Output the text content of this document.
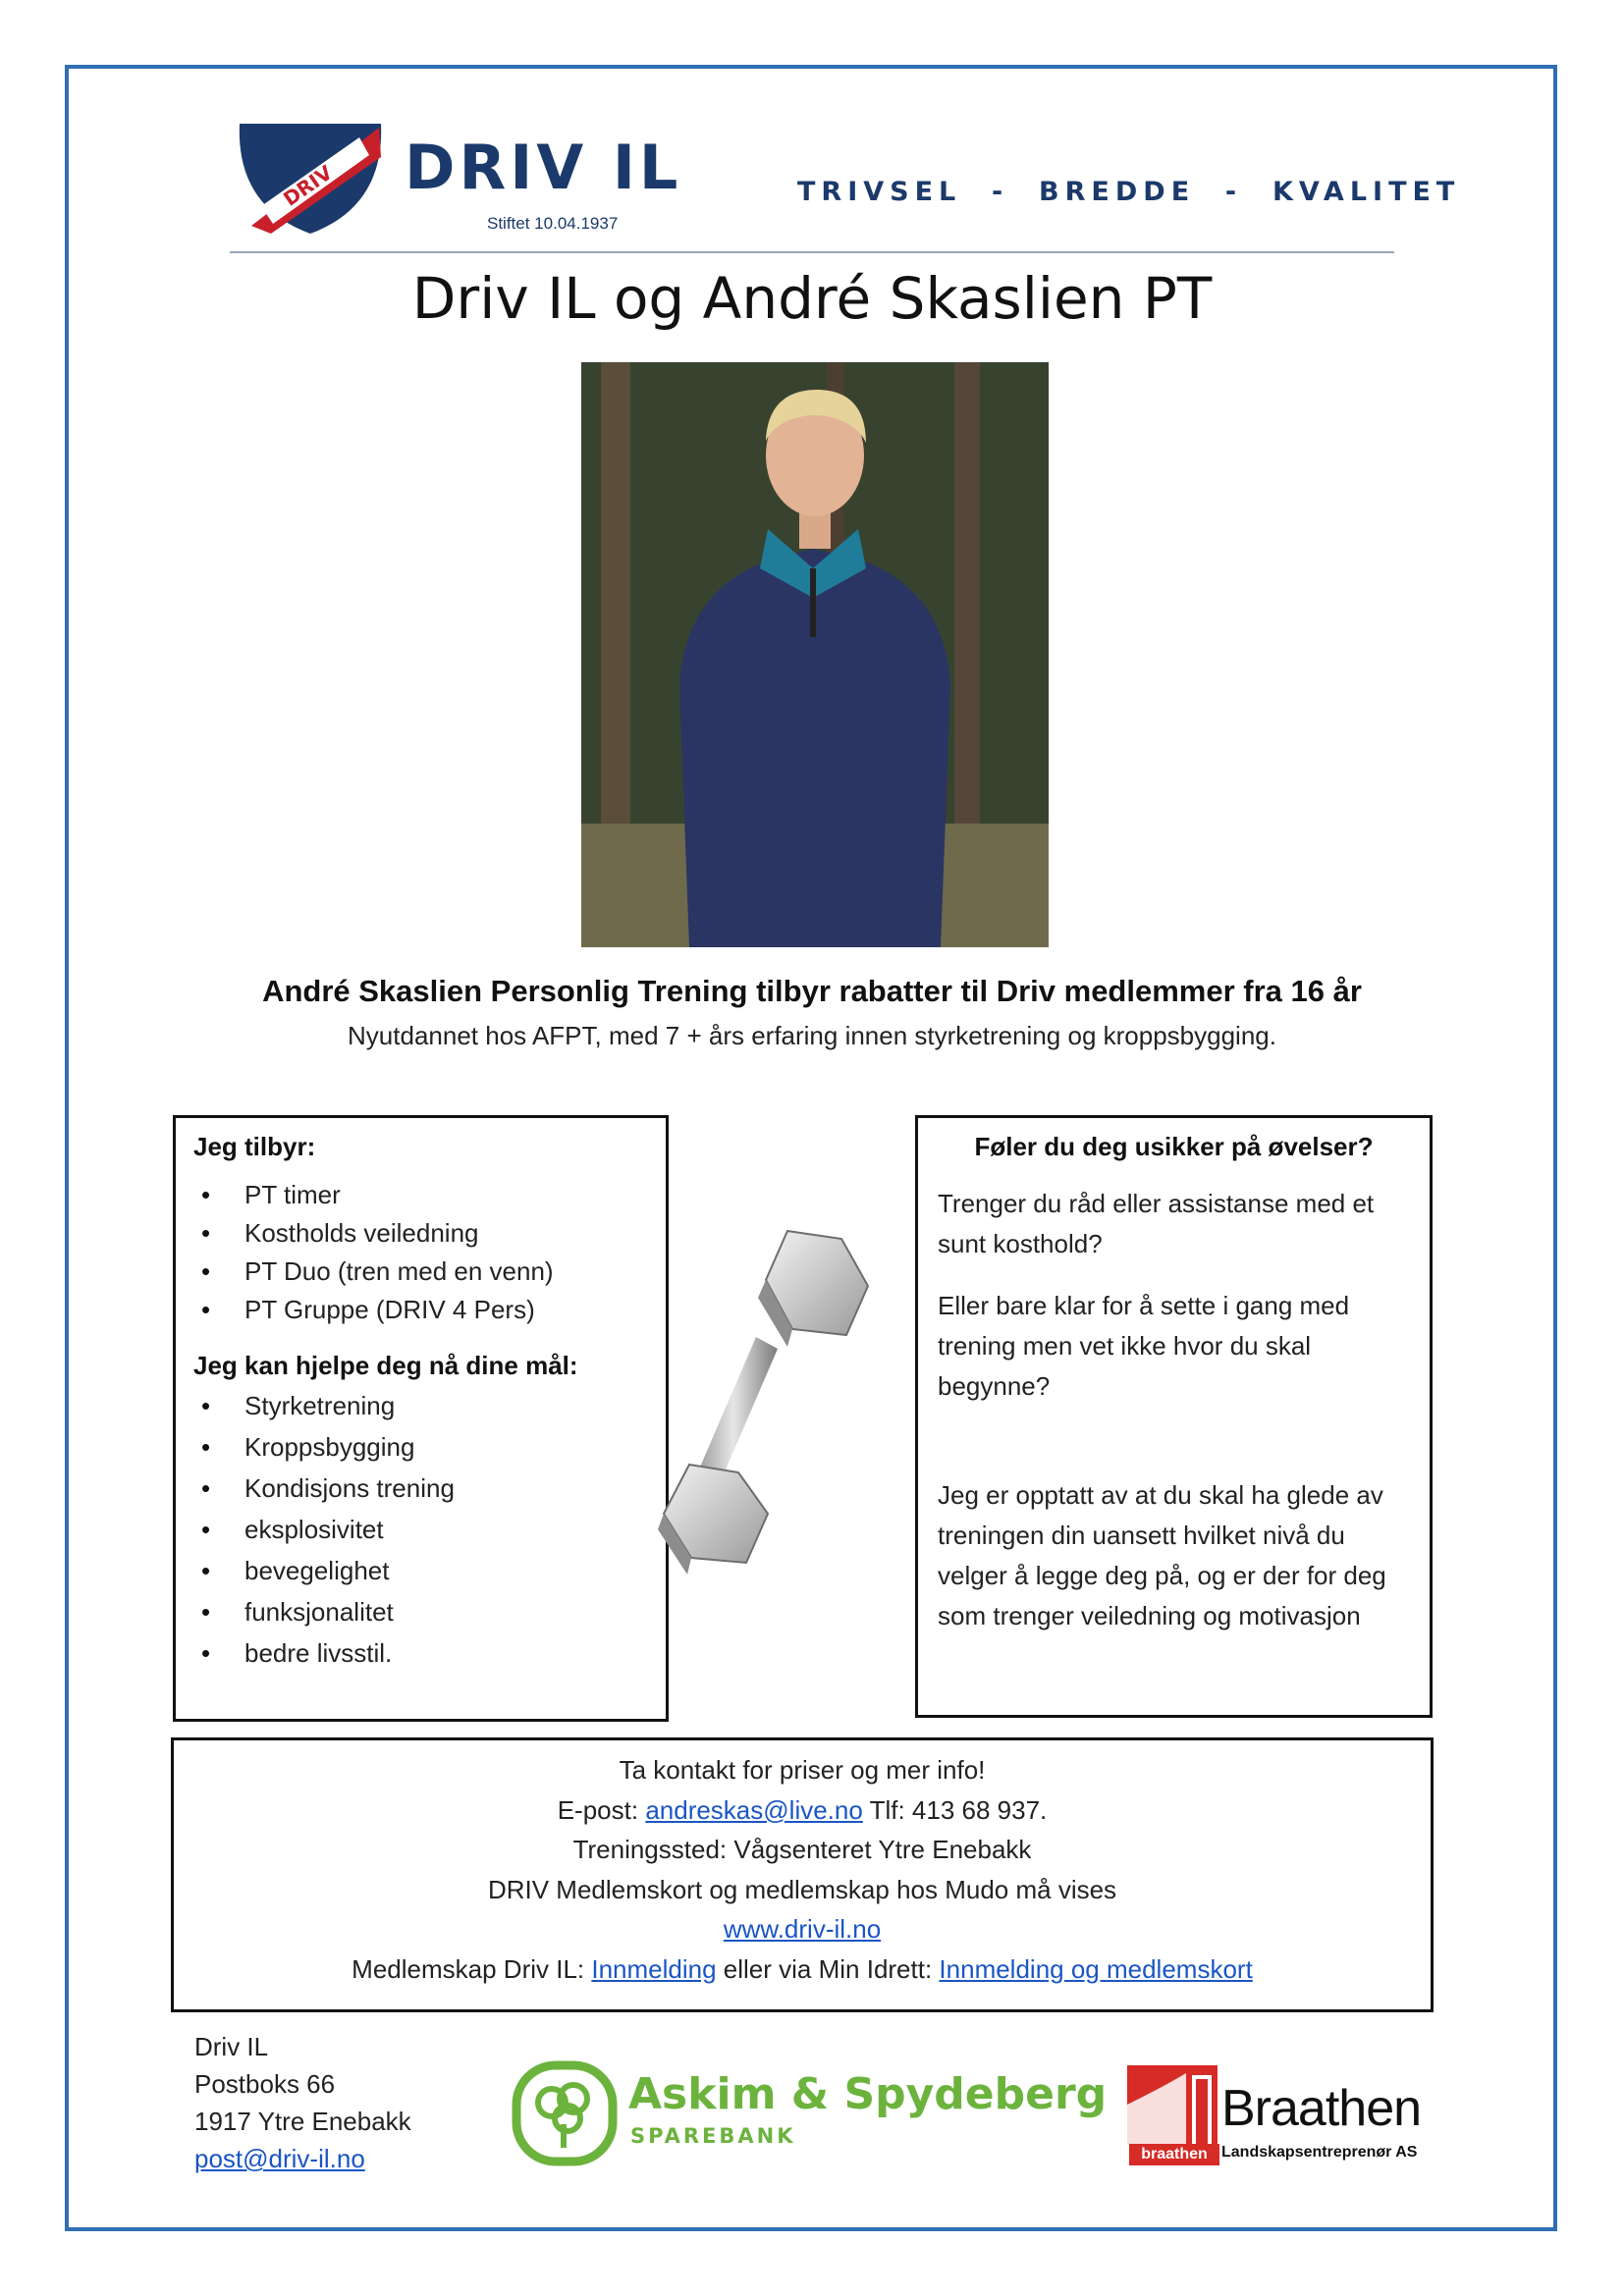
DRIV DRIV IL
Stiftet 10.04.1937
TRIVSEL  -  BREDDE  -  KVALITET
Driv IL og André Skaslien PT
André Skaslien Personlig Trening tilbyr rabatter til Driv medlemmer fra 16 år
Nyutdannet hos AFPT, med 7 + års erfaring innen styrketrening og kroppsbygging.
Jeg tilbyr:
• PT timer
• Kostholds veiledning
• PT Duo (tren med en venn)
• PT Gruppe (DRIV 4 Pers)
Jeg kan hjelpe deg nå dine mål:
• Styrketrening
• Kroppsbygging
• Kondisjons trening
• eksplosivitet
• bevegelighet
• funksjonalitet
• bedre livsstil.
Føler du deg usikker på øvelser?

Trenger du råd eller assistanse med et sunt kosthold?

Eller bare klar for å sette i gang med trening men vet ikke hvor du skal begynne?

Jeg er opptatt av at du skal ha glede av treningen din uansett hvilket nivå du velger å legge deg på, og er der for deg som trenger veiledning og motivasjon

Ta kontakt for priser og mer info!
E-post: andreskas@live.no Tlf: 413 68 937.
Treningssted: Vågsenteret Ytre Enebakk
DRIV Medlemskort og medlemskap hos Mudo må vises
www.driv-il.no
Medlemskap Driv IL: Innmelding eller via Min Idrett: Innmelding og medlemskort
Driv IL
Postboks 66
1917 Ytre Enebakk
post@driv-il.no
Askim & Spydeberg
SPAREBANK
braathen
Braathen
Landskapsentreprenør AS
